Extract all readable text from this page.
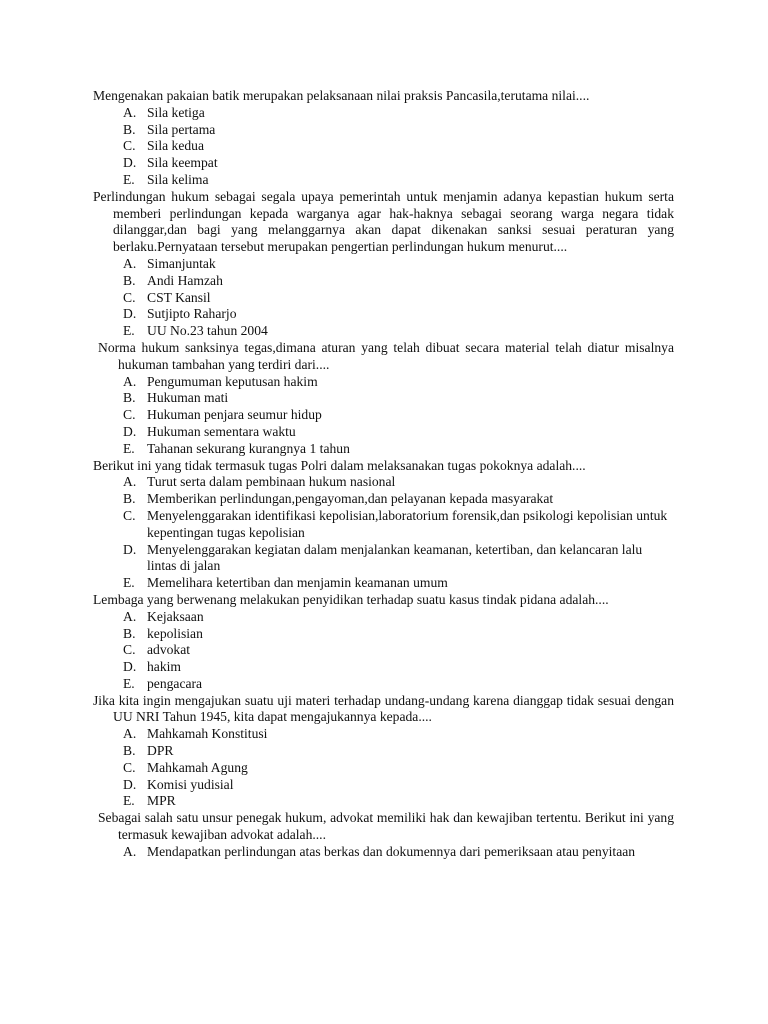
Mengenakan pakaian batik merupakan pelaksanaan nilai praksis Pancasila,terutama nilai....
A. Sila ketiga
B. Sila pertama
C. Sila kedua
D. Sila keempat
E. Sila kelima
Perlindungan hukum sebagai segala upaya pemerintah untuk menjamin adanya kepastian hukum serta memberi perlindungan kepada warganya agar hak-haknya sebagai seorang warga negara tidak dilanggar,dan bagi yang melanggarnya akan dapat dikenakan sanksi sesuai peraturan yang berlaku.Pernyataan tersebut merupakan pengertian perlindungan hukum menurut....
A. Simanjuntak
B. Andi Hamzah
C. CST Kansil
D. Sutjipto Raharjo
E. UU No.23 tahun 2004
Norma hukum sanksinya tegas,dimana aturan yang telah dibuat secara material telah diatur misalnya hukuman tambahan yang terdiri dari....
A. Pengumuman keputusan hakim
B. Hukuman mati
C. Hukuman penjara seumur hidup
D. Hukuman sementara waktu
E. Tahanan sekurang kurangnya 1 tahun
Berikut ini yang tidak termasuk tugas Polri dalam melaksanakan tugas pokoknya adalah....
A. Turut serta dalam pembinaan hukum nasional
B. Memberikan perlindungan,pengayoman,dan pelayanan kepada masyarakat
C. Menyelenggarakan identifikasi kepolisian,laboratorium forensik,dan psikologi kepolisian untuk kepentingan tugas kepolisian
D. Menyelenggarakan kegiatan dalam menjalankan keamanan, ketertiban, dan kelancaran lalu lintas di jalan
E. Memelihara ketertiban dan menjamin keamanan umum
Lembaga yang berwenang melakukan penyidikan terhadap suatu kasus tindak pidana adalah....
A. Kejaksaan
B. kepolisian
C. advokat
D. hakim
E. pengacara
Jika kita ingin mengajukan suatu uji materi terhadap undang-undang karena dianggap tidak sesuai dengan UU NRI Tahun 1945, kita dapat mengajukannya kepada....
A. Mahkamah Konstitusi
B. DPR
C. Mahkamah Agung
D. Komisi yudisial
E. MPR
Sebagai salah satu unsur penegak hukum, advokat memiliki hak dan kewajiban tertentu. Berikut ini yang termasuk kewajiban advokat adalah....
A. Mendapatkan perlindungan atas berkas dan dokumennya dari pemeriksaan atau penyitaan
